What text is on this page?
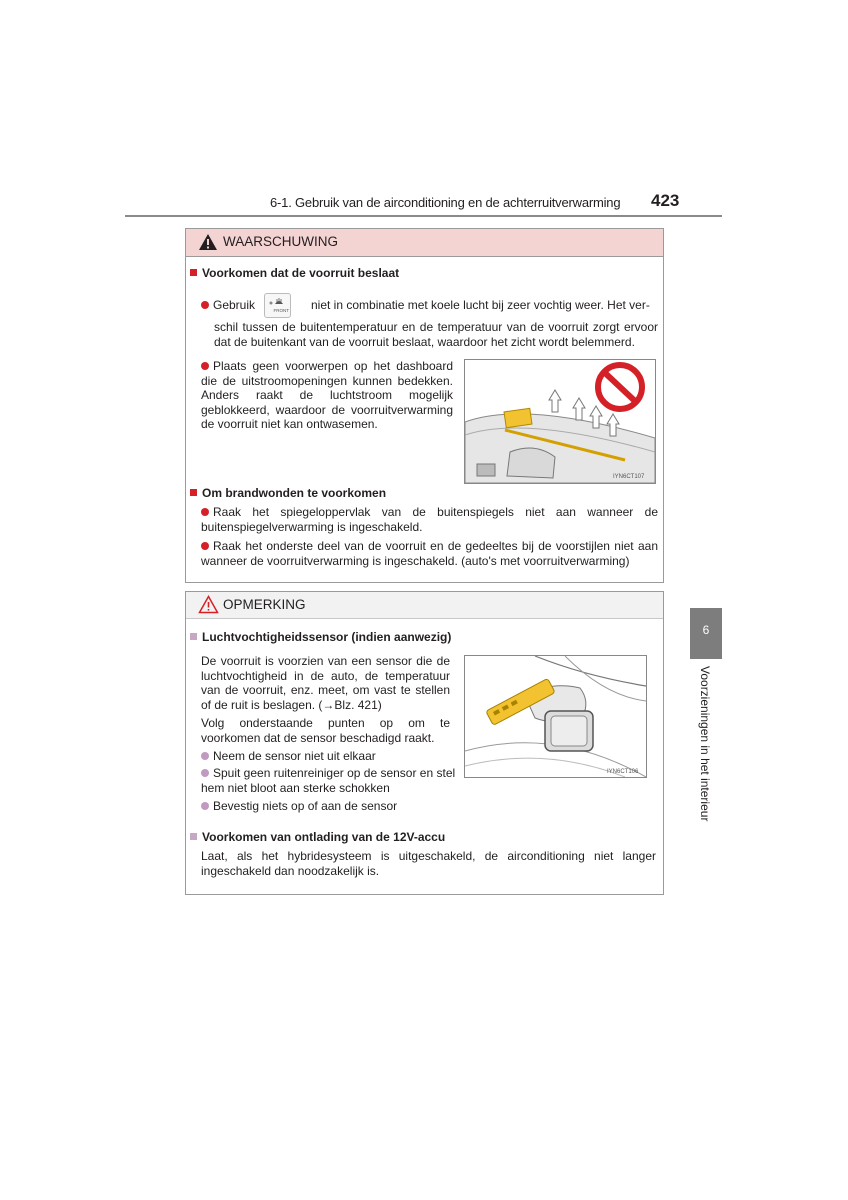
6-1. Gebruik van de airconditioning en de achterruitverwarming 423
WAARSCHUWING
Voorkomen dat de voorruit beslaat
Gebruik	FRONT niet in combinatie met koele lucht bij zeer vochtig weer. Het ver-
schil tussen de buitentemperatuur en de temperatuur van de voorruit zorgt ervoor dat de buitenkant van de voorruit beslaat, waardoor het zicht wordt belemmerd.
Plaats geen voorwerpen op het dashboard die de uitstroomopeningen kunnen bedekken. Anders raakt de luchtstroom mogelijk geblokkeerd, waardoor de voorruitverwarming de voorruit niet kan ontwasemen.
IYN6CT107
Om brandwonden te voorkomen
Raak het spiegeloppervlak van de buitenspiegels niet aan wanneer de buitenspiegelverwarming is ingeschakeld.
Raak het onderste deel van de voorruit en de gedeeltes bij de voorstijlen niet aan wanneer de voorruitverwarming is ingeschakeld. (auto's met voorruitverwarming)
OPMERKING
Luchtvochtigheidssensor (indien aanwezig)
De voorruit is voorzien van een sensor die de luchtvochtigheid in de auto, de temperatuur van de voorruit, enz. meet, om vast te stellen of de ruit is beslagen. (→Blz. 421)
Volg onderstaande punten op om te voorkomen dat de sensor beschadigd raakt.
Neem de sensor niet uit elkaar
Spuit geen ruitenreiniger op de sensor en stel hem niet bloot aan sterke schokken
Bevestig niets op of aan de sensor
IYN6CT106
Voorkomen van ontlading van de 12V-accu
Laat, als het hybridesysteem is uitgeschakeld, de airconditioning niet langer ingeschakeld dan noodzakelijk is.
6
Voorzieningen in het interieur
